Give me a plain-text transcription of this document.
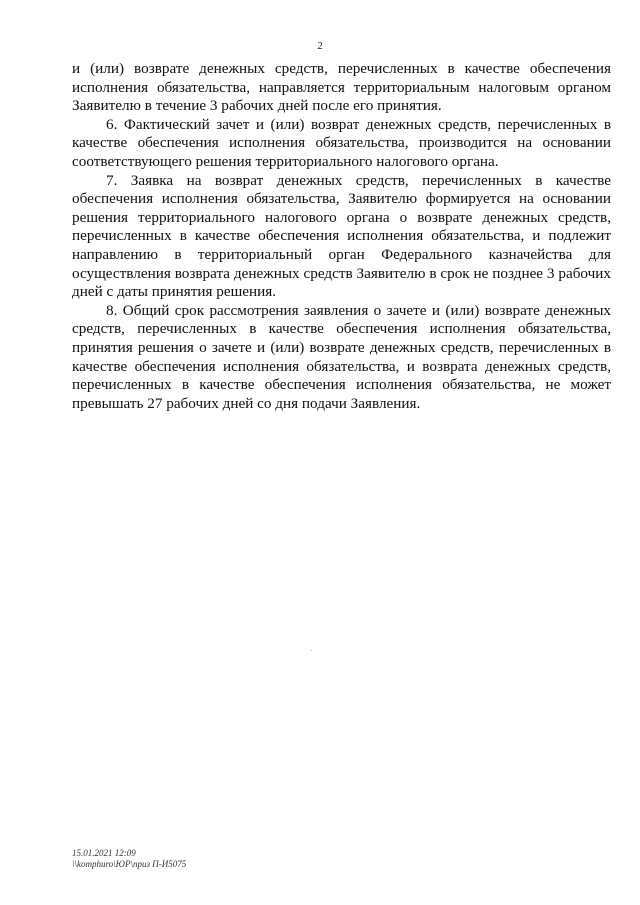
2

и (или) возврате денежных средств, перечисленных в качестве обеспечения исполнения обязательства, направляется территориальным налоговым органом Заявителю в течение 3 рабочих дней после его принятия.

6. Фактический зачет и (или) возврат денежных средств, перечисленных в качестве обеспечения исполнения обязательства, производится на основании соответствующего решения территориального налогового органа.

7. Заявка на возврат денежных средств, перечисленных в качестве обеспечения исполнения обязательства, Заявителю формируется на основании решения территориального налогового органа о возврате денежных средств, перечисленных в качестве обеспечения исполнения обязательства, и подлежит направлению в территориальный орган Федерального казначейства для осуществления возврата денежных средств Заявителю в срок не позднее 3 рабочих дней с даты принятия решения.

8. Общий срок рассмотрения заявления о зачете и (или) возврате денежных средств, перечисленных в качестве обеспечения исполнения обязательства, принятия решения о зачете и (или) возврате денежных средств, перечисленных в качестве обеспечения исполнения обязательства, и возврата денежных средств, перечисленных в качестве обеспечения исполнения обязательства, не может превышать 27 рабочих дней со дня подачи Заявления.

15.01.2021 12:09
\\komphuro\ЮР\приз П-И5075
